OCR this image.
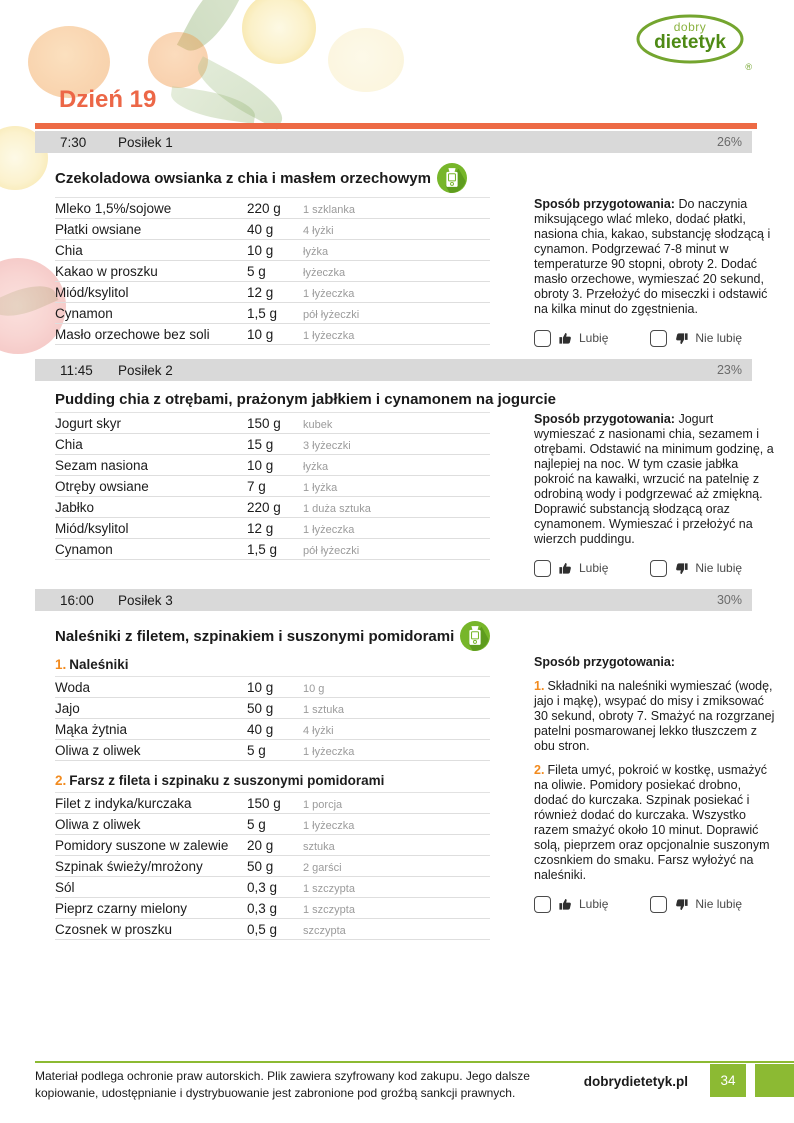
dobry
dietetyk
®
Dzień 19
7:30	Posiłek 1	26%
Czekoladowa owsianka z chia i masłem orzechowym
Mleko 1,5%/sojowe	220 g	1 szklanka
Płatki owsiane	40 g	4 łyżki
Chia	10 g	łyżka
Kakao w proszku	5 g	łyżeczka
Miód/ksylitol	12 g	1 łyżeczka
Cynamon	1,5 g	pół łyżeczki
Masło orzechowe bez soli	10 g	1 łyżeczka

Sposób przygotowania: Do naczynia miksującego wlać mleko, dodać płatki, nasiona chia, kakao, substancję słodzącą i cynamon. Podgrzewać 7-8 minut w temperaturze 90 stopni, obroty 2. Dodać masło orzechowe, wymieszać 20 sekund, obroty 3. Przełożyć do miseczki i odstawić na kilka minut do zgęstnienia.

Lubię	Nie lubię
11:45	Posiłek 2	23%
Pudding chia z otrębami, prażonym jabłkiem i cynamonem na jogurcie
Jogurt skyr	150 g	kubek
Chia	15 g	3 łyżeczki
Sezam nasiona	10 g	łyżka
Otręby owsiane	7 g	1 łyżka
Jabłko	220 g	1 duża sztuka
Miód/ksylitol	12 g	1 łyżeczka
Cynamon	1,5 g	pół łyżeczki

Sposób przygotowania: Jogurt wymieszać z nasionami chia, sezamem i otrębami. Odstawić na minimum godzinę, a najlepiej na noc. W tym czasie jabłka pokroić na kawałki, wrzucić na patelnię z odrobiną wody i podgrzewać aż zmiękną. Doprawić substancją słodzącą oraz cynamonem. Wymieszać i przełożyć na wierzch puddingu.

Lubię	Nie lubię
16:00	Posiłek 3	30%
Naleśniki z filetem, szpinakiem i suszonymi pomidorami
1. Naleśniki
Woda	10 g	10 g
Jajo	50 g	1 sztuka
Mąka żytnia	40 g	4 łyżki
Oliwa z oliwek	5 g	1 łyżeczka
2. Farsz z fileta i szpinaku z suszonymi pomidorami
Filet z indyka/kurczaka	150 g	1 porcja
Oliwa z oliwek	5 g	1 łyżeczka
Pomidory suszone w zalewie	20 g	sztuka
Szpinak świeży/mrożony	50 g	2 garści
Sól	0,3 g	1 szczypta
Pieprz czarny mielony	0,3 g	1 szczypta
Czosnek w proszku	0,5 g	szczypta

Sposób przygotowania:

1. Składniki na naleśniki wymieszać (wodę, jajo i mąkę), wsypać do misy i zmiksować 30 sekund, obroty 7. Smażyć na rozgrzanej patelni posmarowanej lekko tłuszczem z obu stron.

2. Fileta umyć, pokroić w kostkę, usmażyć na oliwie. Pomidory posiekać drobno, dodać do kurczaka. Szpinak posiekać i również dodać do kurczaka. Wszystko razem smażyć około 10 minut. Doprawić solą, pieprzem oraz opcjonalnie suszonym czosnkiem do smaku. Farsz wyłożyć na naleśniki.

Lubię	Nie lubię
Materiał podlega ochronie praw autorskich. Plik zawiera szyfrowany kod zakupu. Jego dalsze kopiowanie, udostępnianie i dystrybuowanie jest zabronione pod groźbą sankcji prawnych.
dobrydietetyk.pl	34
